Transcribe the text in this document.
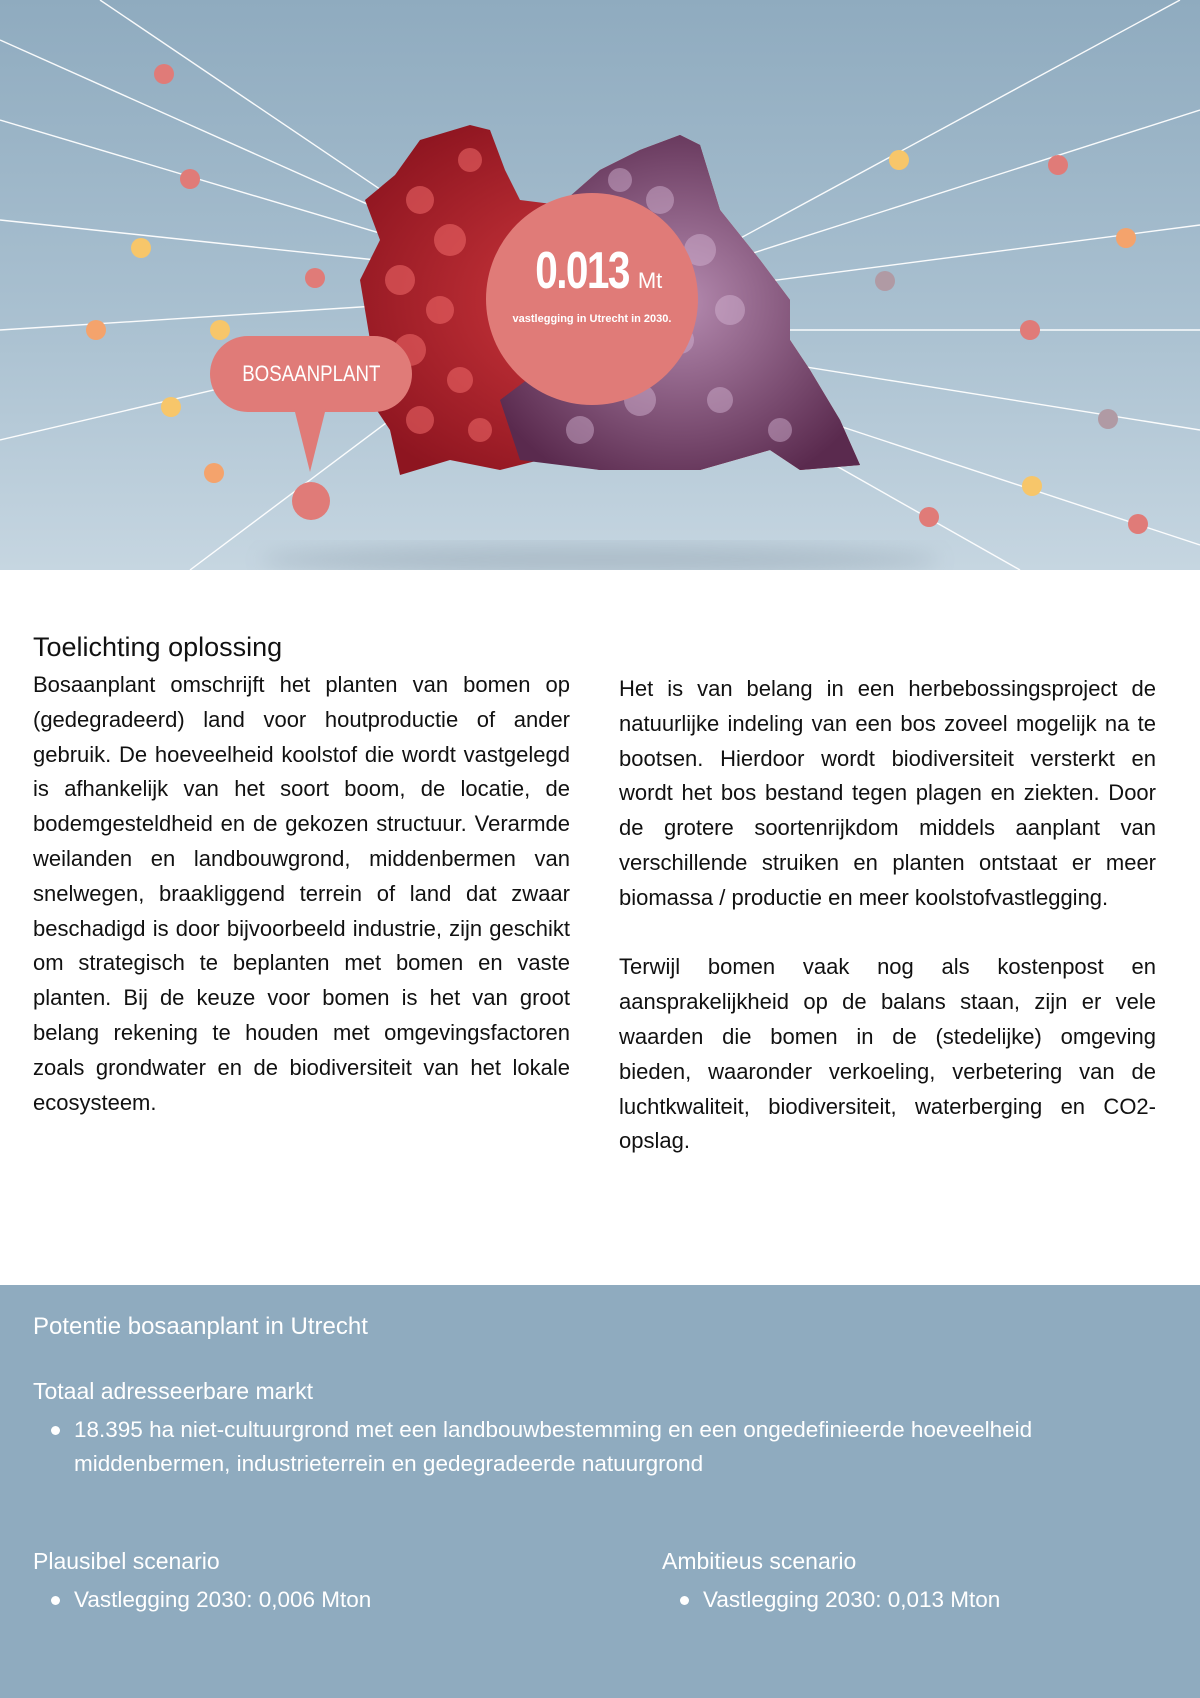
0.013 Mt
vastlegging in Utrecht in 2030.
BOSAANPLANT
Toelichting oplossing

Bosaanplant omschrijft het planten van bomen op (gedegradeerd) land voor houtproductie of ander gebruik. De hoeveelheid koolstof die wordt vastgelegd is afhankelijk van het soort boom, de locatie, de bodemgesteldheid en de gekozen structuur. Verarmde weilanden en landbouwgrond, middenbermen van snelwegen, braakliggend terrein of land dat zwaar beschadigd is door bijvoorbeeld industrie, zijn geschikt om strategisch te beplanten met bomen en vaste planten. Bij de keuze voor bomen is het van groot belang rekening te houden met omgevingsfactoren zoals grondwater en de biodiversiteit van het lokale ecosysteem.

Het is van belang in een herbebossingsproject de natuurlijke indeling van een bos zoveel mogelijk na te bootsen. Hierdoor wordt biodiversiteit versterkt en wordt het bos bestand tegen plagen en ziekten. Door de grotere soortenrijkdom middels aanplant van verschillende struiken en planten ontstaat er meer biomassa / productie en meer koolstofvastlegging.

Terwijl bomen vaak nog als kostenpost en aansprakelijkheid op de balans staan, zijn er vele waarden die bomen in de (stedelijke) omgeving bieden, waaronder verkoeling, verbetering van de luchtkwaliteit, biodiversiteit, waterberging en CO2-opslag.

Potentie bosaanplant in Utrecht
Totaal adresseerbare markt
18.395 ha niet-cultuurgrond met een landbouwbestemming en een ongedefinieerde hoeveelheid middenbermen, industrieterrein en gedegradeerde natuurgrond
Plausibel scenario
Vastlegging 2030: 0,006 Mton
Ambitieus scenario
Vastlegging 2030: 0,013 Mton
